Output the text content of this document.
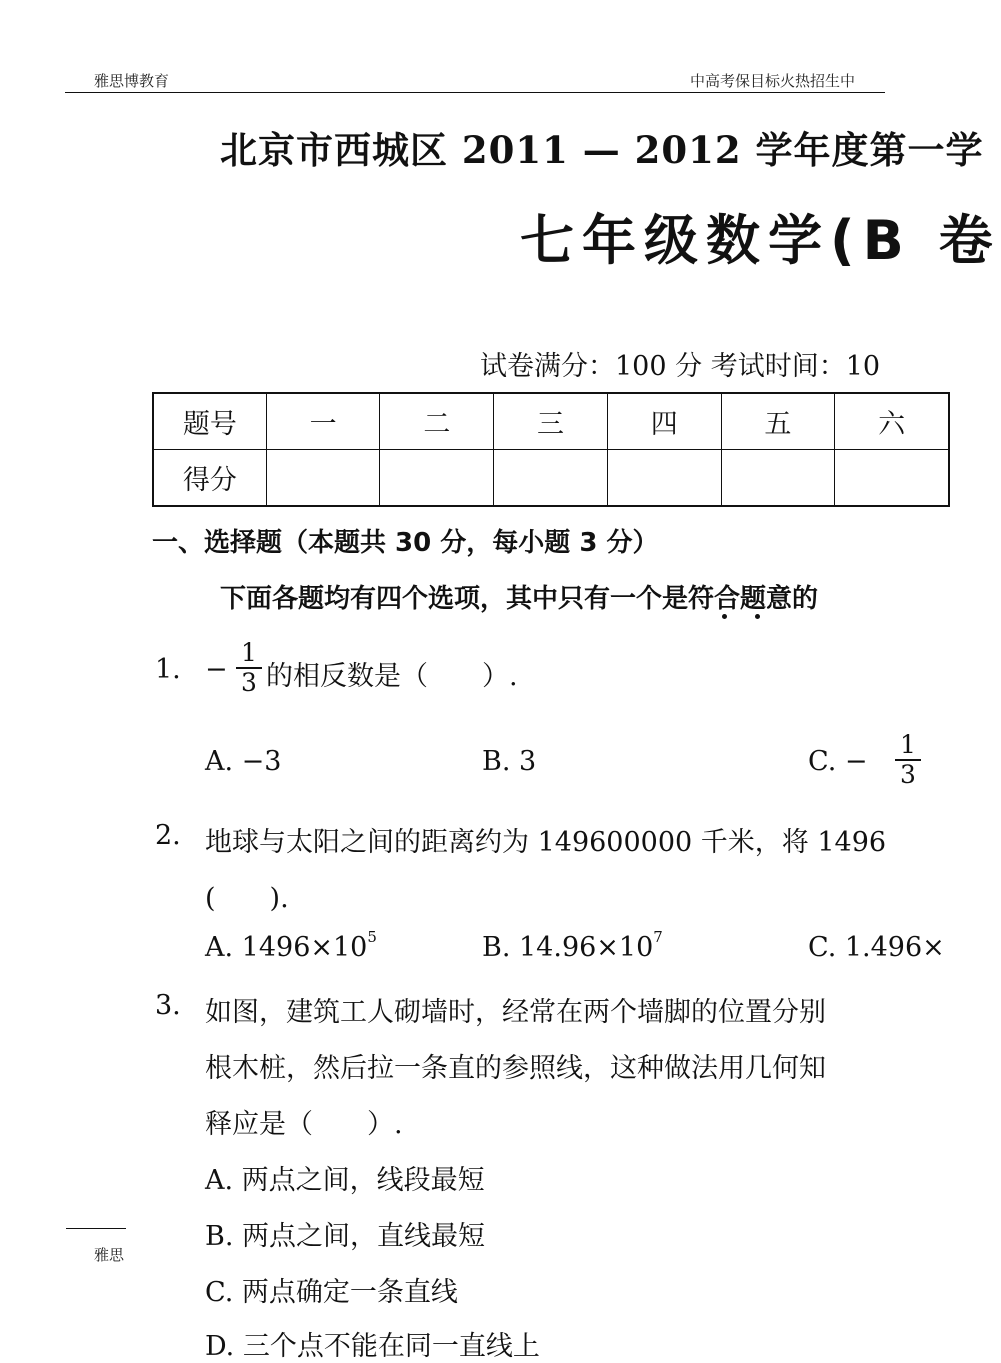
雅思博教育	中高考保目标火热招生中
北京市西城区 2011 — 2012 学年度第一学
七年级数学(B 卷
试卷满分：100 分 考试时间：10
题号	一	二	三	四	五	六
得分						
一、选择题（本题共 30 分，每小题 3 分）
下面各题均有四个选项，其中只有一个是符合题意的
1. −
1
3 的相反数是（　　）.
A. −3	B. 3	C. −
1
3
2. 地球与太阳之间的距离约为 149600000 千米，将 1496
(　　).
A. $1496\times 10^5$	B. $14.96\times 10^7$	C. 1.496×
3. 如图，建筑工人砌墙时，经常在两个墙脚的位置分别
根木桩，然后拉一条直的参照线，这种做法用几何知
释应是（　　）.
A. 两点之间，线段最短
B. 两点之间，直线最短
C. 两点确定一条直线
D. 三个点不能在同一直线上
雅思
